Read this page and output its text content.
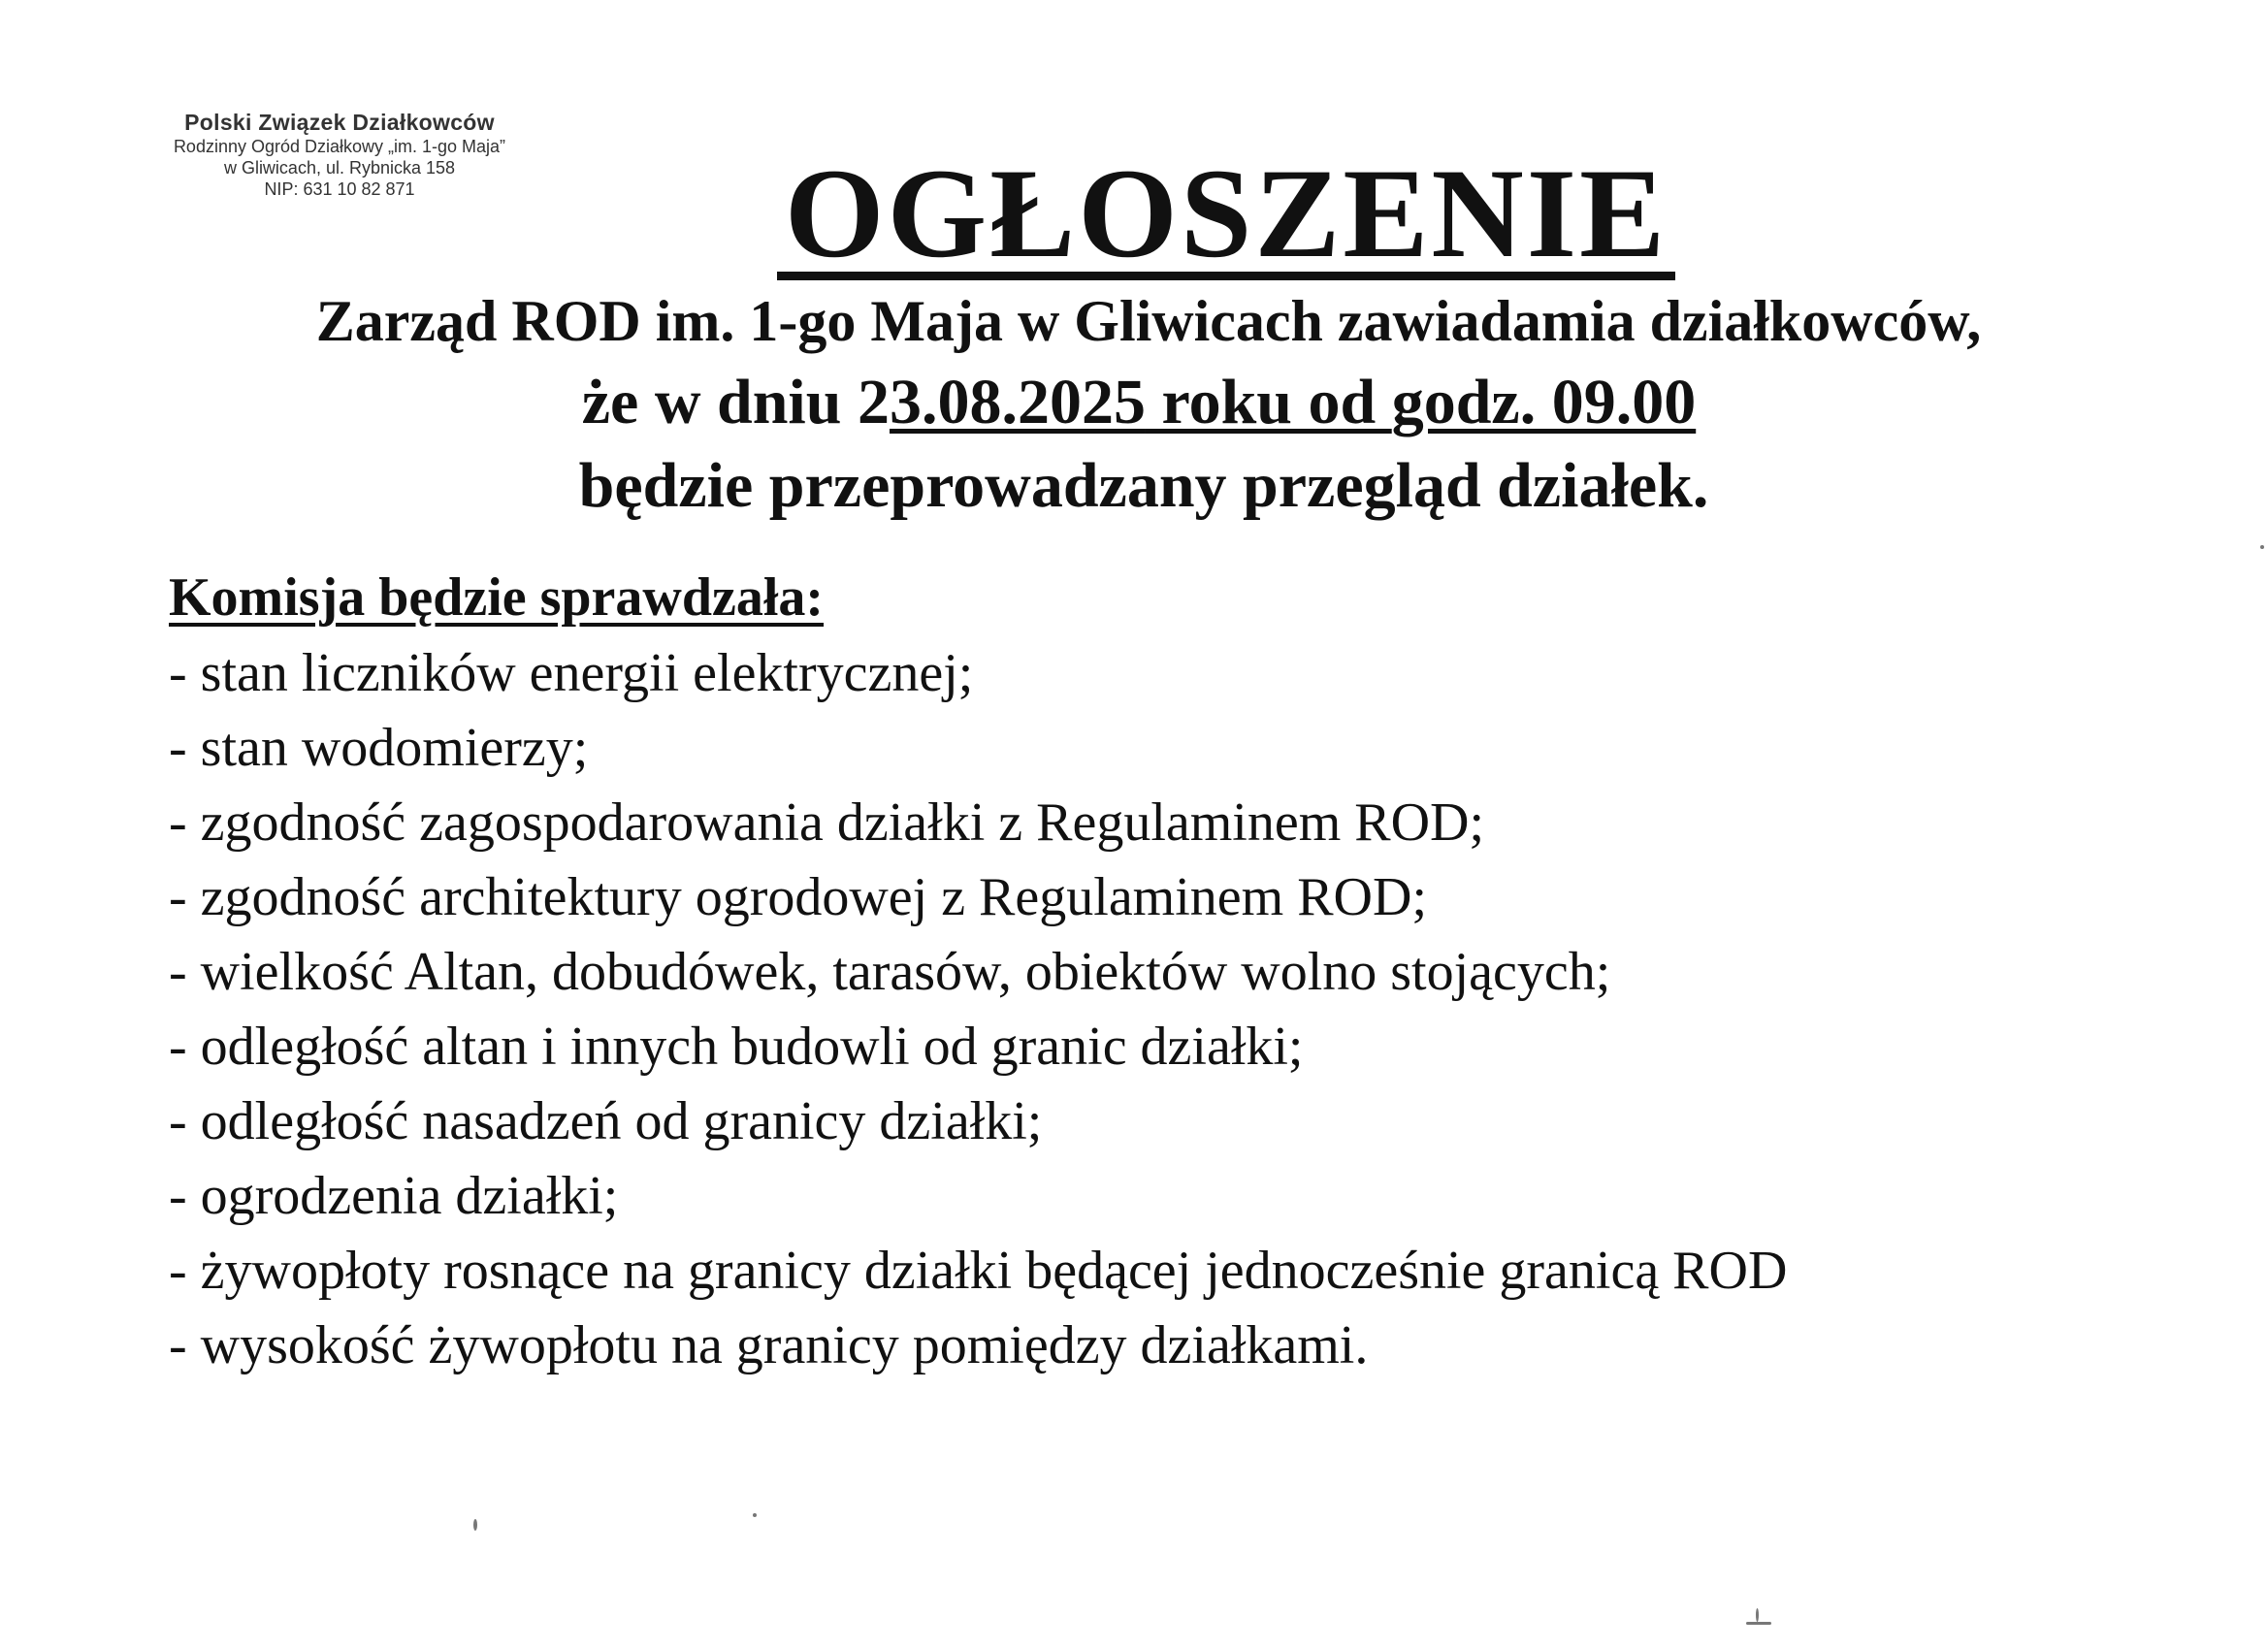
Polski Związek Działkowców
Rodzinny Ogród Działkowy „im. 1-go Maja”
w Gliwicach, ul. Rybnicka 158
NIP: 631 10 82 871	OGŁOSZENIE
Zarząd ROD im. 1-go Maja w Gliwicach zawiadamia działkowców,
że w dniu 23.08.2025 roku od godz. 09.00
będzie przeprowadzany przegląd działek.
Komisja będzie sprawdzała:
- stan liczników energii elektrycznej;
- stan wodomierzy;
- zgodność zagospodarowania działki z Regulaminem ROD;
- zgodność architektury ogrodowej z Regulaminem ROD;
- wielkość Altan, dobudówek, tarasów, obiektów wolno stojących;
- odległość altan i innych budowli od granic działki;
- odległość nasadzeń od granicy działki;
- ogrodzenia działki;
- żywopłoty rosnące na granicy działki będącej jednocześnie granicą ROD
- wysokość żywopłotu na granicy pomiędzy działkami.
